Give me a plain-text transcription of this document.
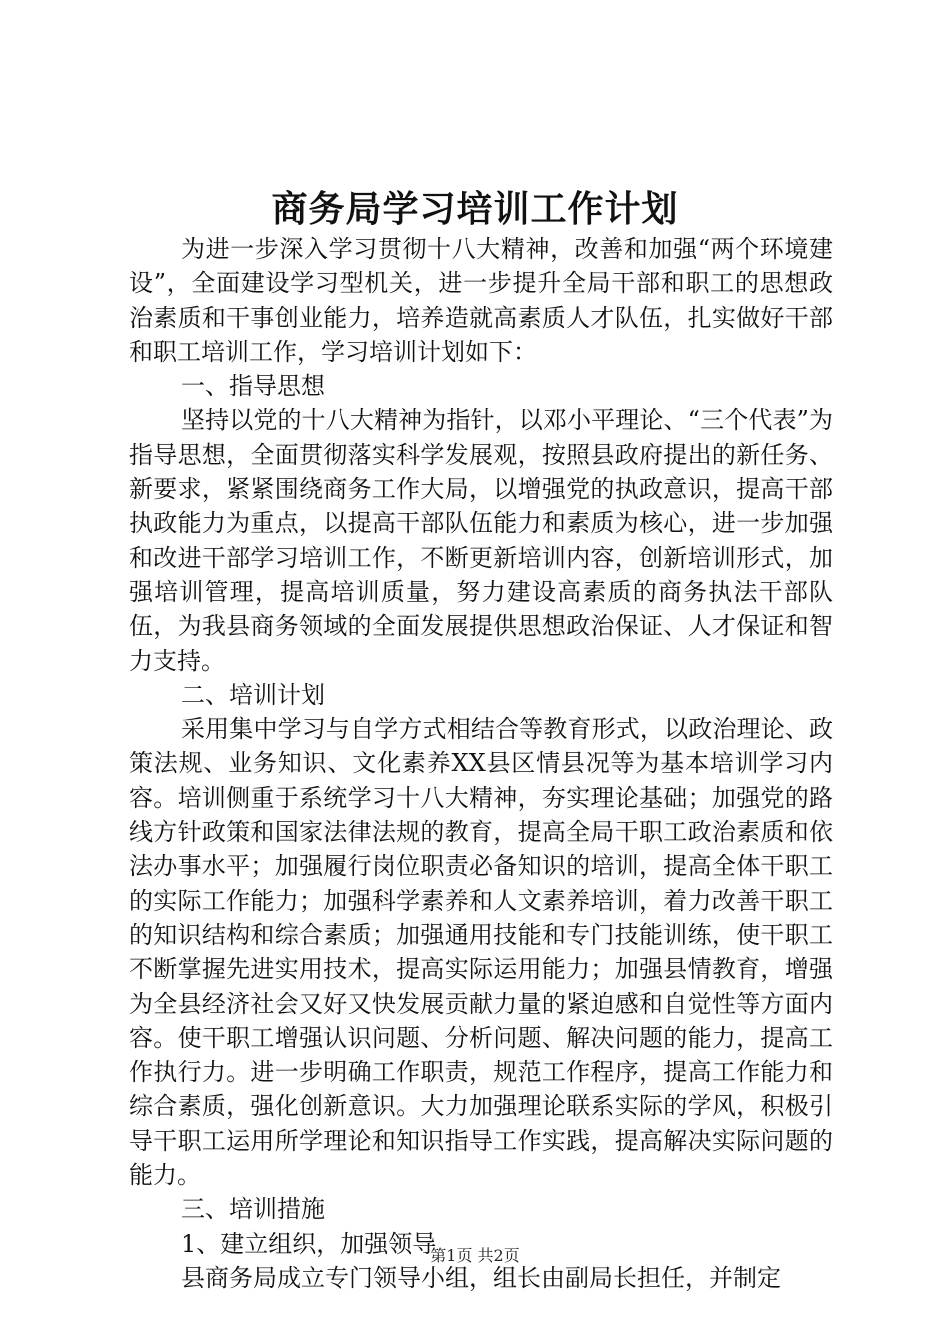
商务局学习培训工作计划

为进一步深入学习贯彻十八大精神，改善和加强“两个环境建设”，全面建设学习型机关，进一步提升全局干部和职工的思想政治素质和干事创业能力，培养造就高素质人才队伍，扎实做好干部和职工培训工作，学习培训计划如下：

一、指导思想

坚持以党的十八大精神为指针，以邓小平理论、“三个代表”为指导思想，全面贯彻落实科学发展观，按照县政府提出的新任务、新要求，紧紧围绕商务工作大局，以增强党的执政意识，提高干部执政能力为重点，以提高干部队伍能力和素质为核心，进一步加强和改进干部学习培训工作，不断更新培训内容，创新培训形式，加强培训管理，提高培训质量，努力建设高素质的商务执法干部队伍，为我县商务领域的全面发展提供思想政治保证、人才保证和智力支持。

二、培训计划

采用集中学习与自学方式相结合等教育形式，以政治理论、政策法规、业务知识、文化素养XX县区情县况等为基本培训学习内容。培训侧重于系统学习十八大精神，夯实理论基础；加强党的路线方针政策和国家法律法规的教育，提高全局干职工政治素质和依法办事水平；加强履行岗位职责必备知识的培训，提高全体干职工的实际工作能力；加强科学素养和人文素养培训，着力改善干职工的知识结构和综合素质；加强通用技能和专门技能训练，使干职工不断掌握先进实用技术，提高实际运用能力；加强县情教育，增强为全县经济社会又好又快发展贡献力量的紧迫感和自觉性等方面内容。使干职工增强认识问题、分析问题、解决问题的能力，提高工作执行力。进一步明确工作职责，规范工作程序，提高工作能力和综合素质，强化创新意识。大力加强理论联系实际的学风，积极引导干职工运用所学理论和知识指导工作实践，提高解决实际问题的能力。

三、培训措施

1、建立组织，加强领导

县商务局成立专门领导小组，组长由副局长担任，并制定

第1页 共2页
